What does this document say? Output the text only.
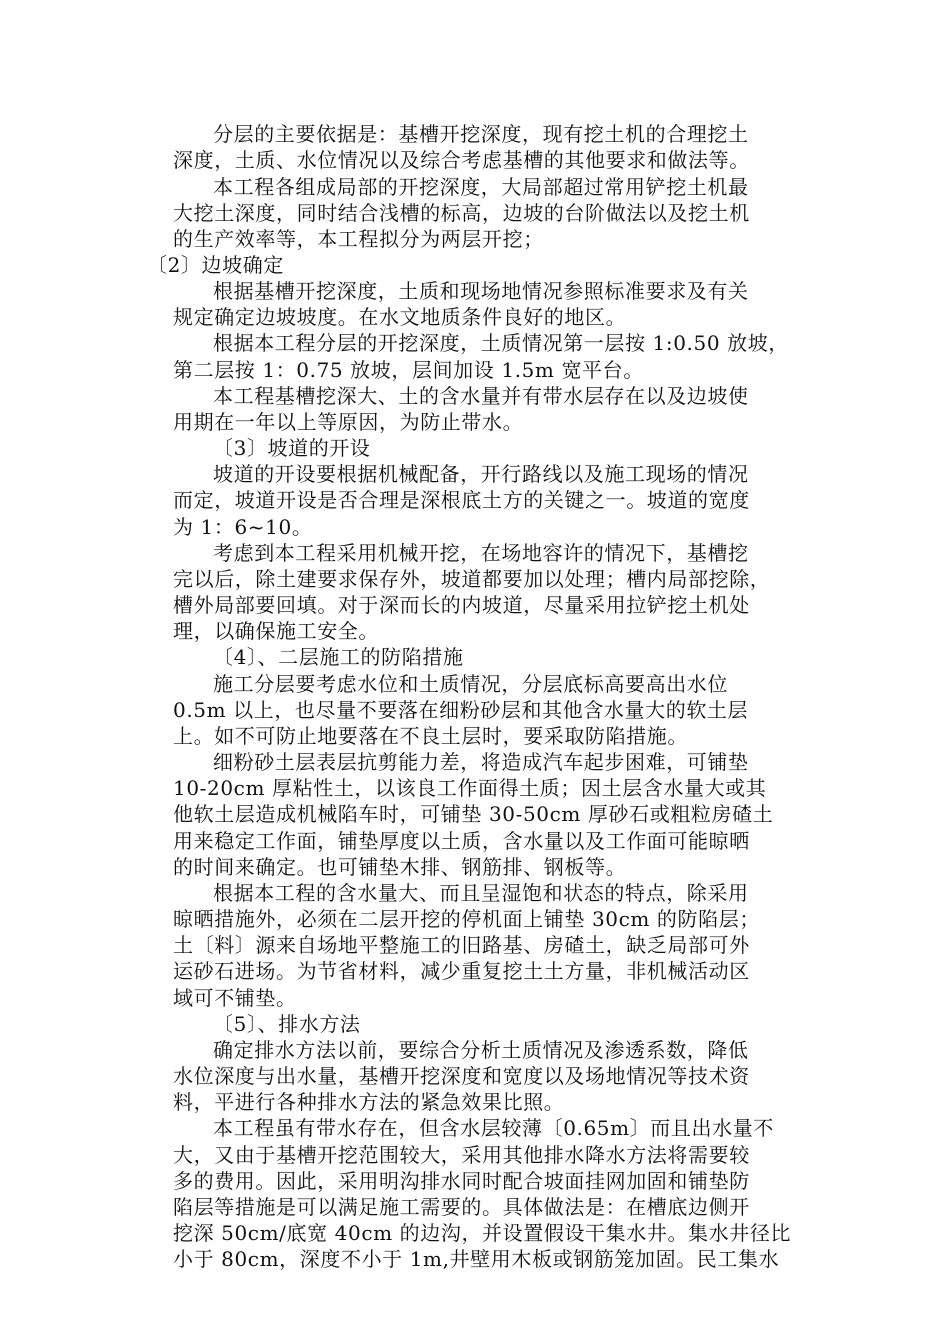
分层的主要依据是：基槽开挖深度，现有挖土机的合理挖土
深度，土质、水位情况以及综合考虑基槽的其他要求和做法等。
本工程各组成局部的开挖深度，大局部超过常用铲挖土机最
大挖土深度，同时结合浅槽的标高，边坡的台阶做法以及挖土机
的生产效率等，本工程拟分为两层开挖；
〔2〕边坡确定
根据基槽开挖深度，土质和现场地情况参照标准要求及有关
规定确定边坡坡度。在水文地质条件良好的地区。
根据本工程分层的开挖深度，土质情况第一层按 1:0.50 放坡，
第二层按 1：0.75 放坡，层间加设 1.5m 宽平台。
本工程基槽挖深大、土的含水量并有带水层存在以及边坡使
用期在一年以上等原因，为防止带水。
〔3〕坡道的开设
坡道的开设要根据机械配备，开行路线以及施工现场的情况
而定，坡道开设是否合理是深根底土方的关键之一。坡道的宽度
为 1：6~10。
考虑到本工程采用机械开挖，在场地容许的情况下，基槽挖
完以后，除土建要求保存外，坡道都要加以处理；槽内局部挖除，
槽外局部要回填。对于深而长的内坡道，尽量采用拉铲挖土机处
理，以确保施工安全。
〔4〕、二层施工的防陷措施
施工分层要考虑水位和土质情况，分层底标高要高出水位
0.5m 以上，也尽量不要落在细粉砂层和其他含水量大的软土层
上。如不可防止地要落在不良土层时，要采取防陷措施。
细粉砂土层表层抗剪能力差，将造成汽车起步困难，可铺垫
10-20cm 厚粘性土，以该良工作面得土质；因土层含水量大或其
他软土层造成机械陷车时，可铺垫 30-50cm 厚砂石或粗粒房碴土
用来稳定工作面，铺垫厚度以土质，含水量以及工作面可能晾晒
的时间来确定。也可铺垫木排、钢筋排、钢板等。
根据本工程的含水量大、而且呈湿饱和状态的特点，除采用
晾晒措施外，必须在二层开挖的停机面上铺垫 30cm 的防陷层；
土〔料〕源来自场地平整施工的旧路基、房碴土，缺乏局部可外
运砂石进场。为节省材料，减少重复挖土土方量，非机械活动区
域可不铺垫。
〔5〕、排水方法
确定排水方法以前，要综合分析土质情况及渗透系数，降低
水位深度与出水量，基槽开挖深度和宽度以及场地情况等技术资
料，平进行各种排水方法的紧急效果比照。
本工程虽有带水存在，但含水层较薄〔0.65m〕而且出水量不
大，又由于基槽开挖范围较大，采用其他排水降水方法将需要较
多的费用。因此，采用明沟排水同时配合坡面挂网加固和铺垫防
陷层等措施是可以满足施工需要的。具体做法是：在槽底边侧开
挖深 50cm/底宽 40cm 的边沟，并设置假设干集水井。集水井径比
小于 80cm，深度不小于 1m,井壁用木板或钢筋笼加固。民工集水
